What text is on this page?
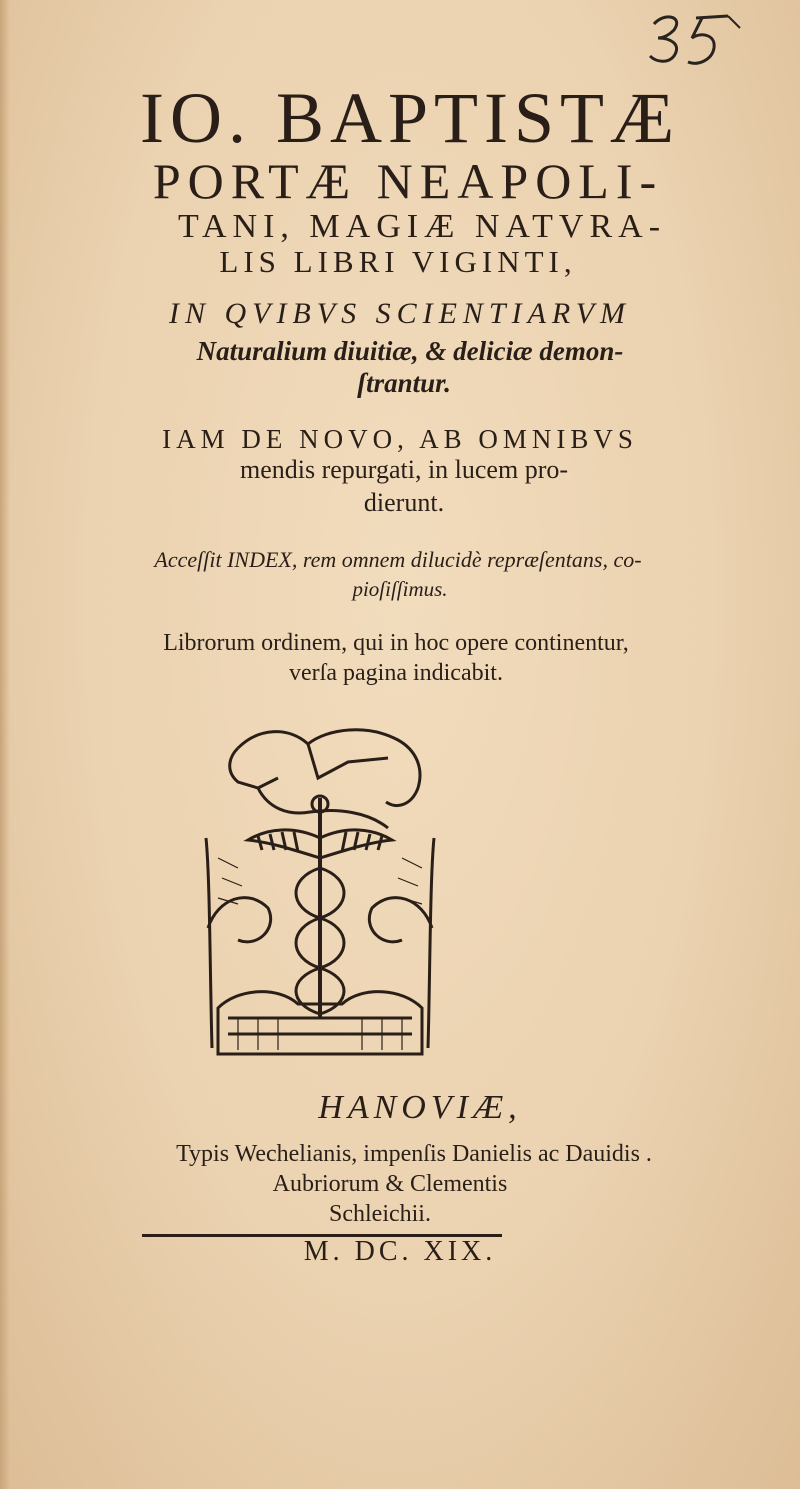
IO. BAPTISTÆ
PORTÆ NEAPOLI-
TANI, MAGIÆ NATVRA-
LIS LIBRI VIGINTI,
IN QVIBVS SCIENTIARVM
Naturalium diuitiæ, & deliciæ demon-
ſtrantur.
IAM DE NOVO, AB OMNIBVS
mendis repurgati, in lucem pro-
dierunt.
Acceſſit INDEX, rem omnem dilucidè repræſentans, co-
pioſiſſimus.
Librorum ordinem, qui in hoc opere continentur,
verſa pagina indicabit.
HANOVIÆ,
Typis Wechelianis, impenſis Danielis ac Dauidis .
Aubriorum & Clementis
Schleichii.
M. DC. XIX.
